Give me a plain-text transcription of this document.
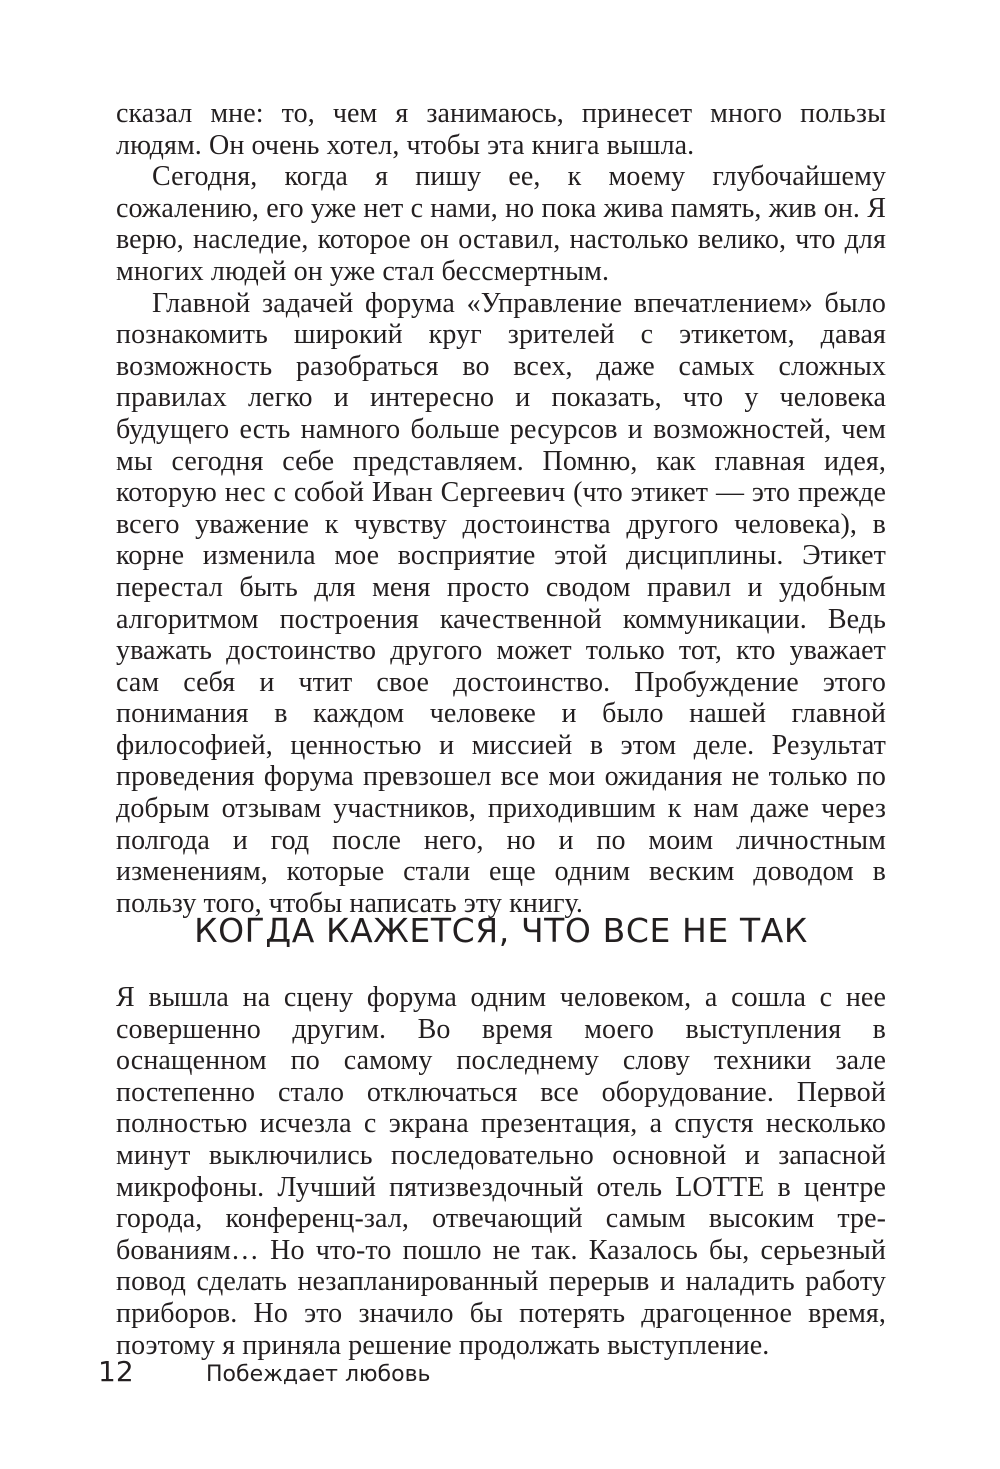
сказал мне: то, чем я занимаюсь, принесет много пользы людям. Он очень хотел, чтобы эта книга вышла.

Сегодня, когда я пишу ее, к моему глубочайшему сожалению, его уже нет с нами, но пока жива память, жив он. Я верю, наследие, которое он оставил, настолько велико, что для многих людей он уже стал бессмертным.

Главной задачей форума «Управление впечатлением» было познакомить широкий круг зрителей с этикетом, давая возможность разобраться во всех, даже самых сложных правилах легко и интересно и показать, что у человека будущего есть намного больше ресурсов и возможностей, чем мы сегодня себе представляем. Помню, как главная идея, которую нес с собой Иван Сергеевич (что этикет — это прежде всего уважение к чувству достоинства другого человека), в корне изменила мое восприятие этой дисциплины. Этикет перестал быть для меня просто сводом правил и удобным алгоритмом построения качественной коммуникации. Ведь уважать достоинство другого может только тот, кто уважает сам себя и чтит свое достоинство. Пробуждение этого понимания в каждом человеке и было нашей главной философией, ценностью и миссией в этом деле. Результат проведения форума превзошел все мои ожидания не только по добрым отзывам участников, приходившим к нам даже через полгода и год после него, но и по моим личностным изменениям, которые стали еще одним веским доводом в пользу того, чтобы написать эту книгу.

КОГДА КАЖЕТСЯ, ЧТО ВСЕ НЕ ТАК

Я вышла на сцену форума одним человеком, а сошла с нее совершенно другим. Во время моего выступления в оснащенном по самому последнему слову техники зале постепенно стало отключаться все оборудование. Первой полностью исчезла с экрана презентация, а спустя несколько минут выключились последовательно основной и запасной микрофоны. Лучший пятизвездочный отель LOTTE в центре города, конференц-зал, отвечающий самым высоким требованиям… Но что-то пошло не так. Казалось бы, серьезный повод сделать незапланированный перерыв и наладить работу приборов. Но это значило бы потерять драгоценное время, поэтому я приняла решение продолжать выступление.

12	Побеждает любовь
